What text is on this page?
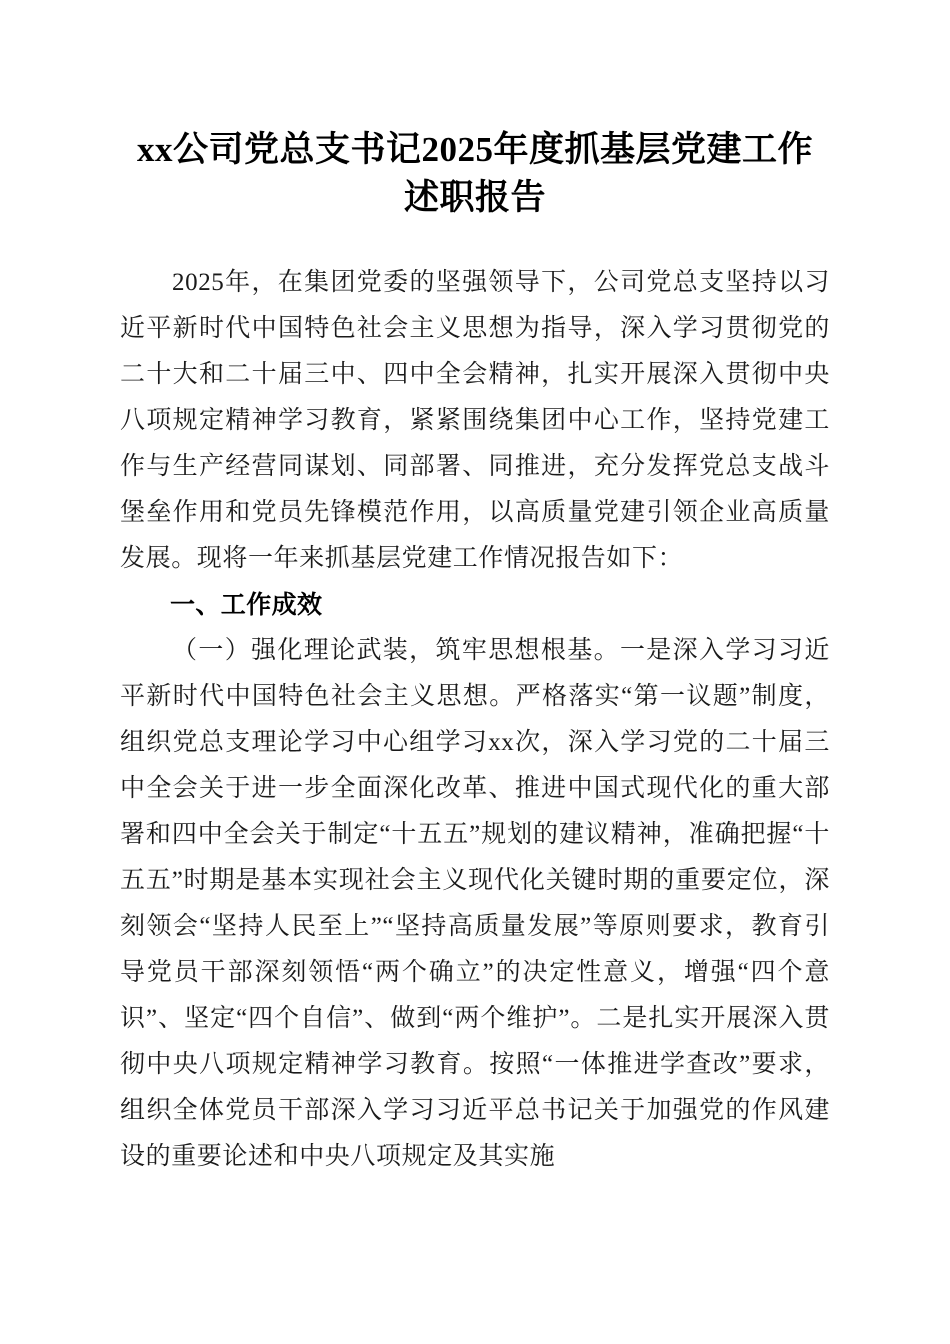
xx公司党总支书记2025年度抓基层党建工作述职报告

2025年，在集团党委的坚强领导下，公司党总支坚持以习近平新时代中国特色社会主义思想为指导，深入学习贯彻党的二十大和二十届三中、四中全会精神，扎实开展深入贯彻中央八项规定精神学习教育，紧紧围绕集团中心工作，坚持党建工作与生产经营同谋划、同部署、同推进，充分发挥党总支战斗堡垒作用和党员先锋模范作用，以高质量党建引领企业高质量发展。现将一年来抓基层党建工作情况报告如下：

一、工作成效

（一）强化理论武装，筑牢思想根基。一是深入学习习近平新时代中国特色社会主义思想。严格落实“第一议题”制度，组织党总支理论学习中心组学习xx次，深入学习党的二十届三中全会关于进一步全面深化改革、推进中国式现代化的重大部署和四中全会关于制定“十五五”规划的建议精神，准确把握“十五五”时期是基本实现社会主义现代化关键时期的重要定位，深刻领会“坚持人民至上”“坚持高质量发展”等原则要求，教育引导党员干部深刻领悟“两个确立”的决定性意义，增强“四个意识”、坚定“四个自信”、做到“两个维护”。二是扎实开展深入贯彻中央八项规定精神学习教育。按照“一体推进学查改”要求，组织全体党员干部深入学习习近平总书记关于加强党的作风建设的重要论述和中央八项规定及其实施
